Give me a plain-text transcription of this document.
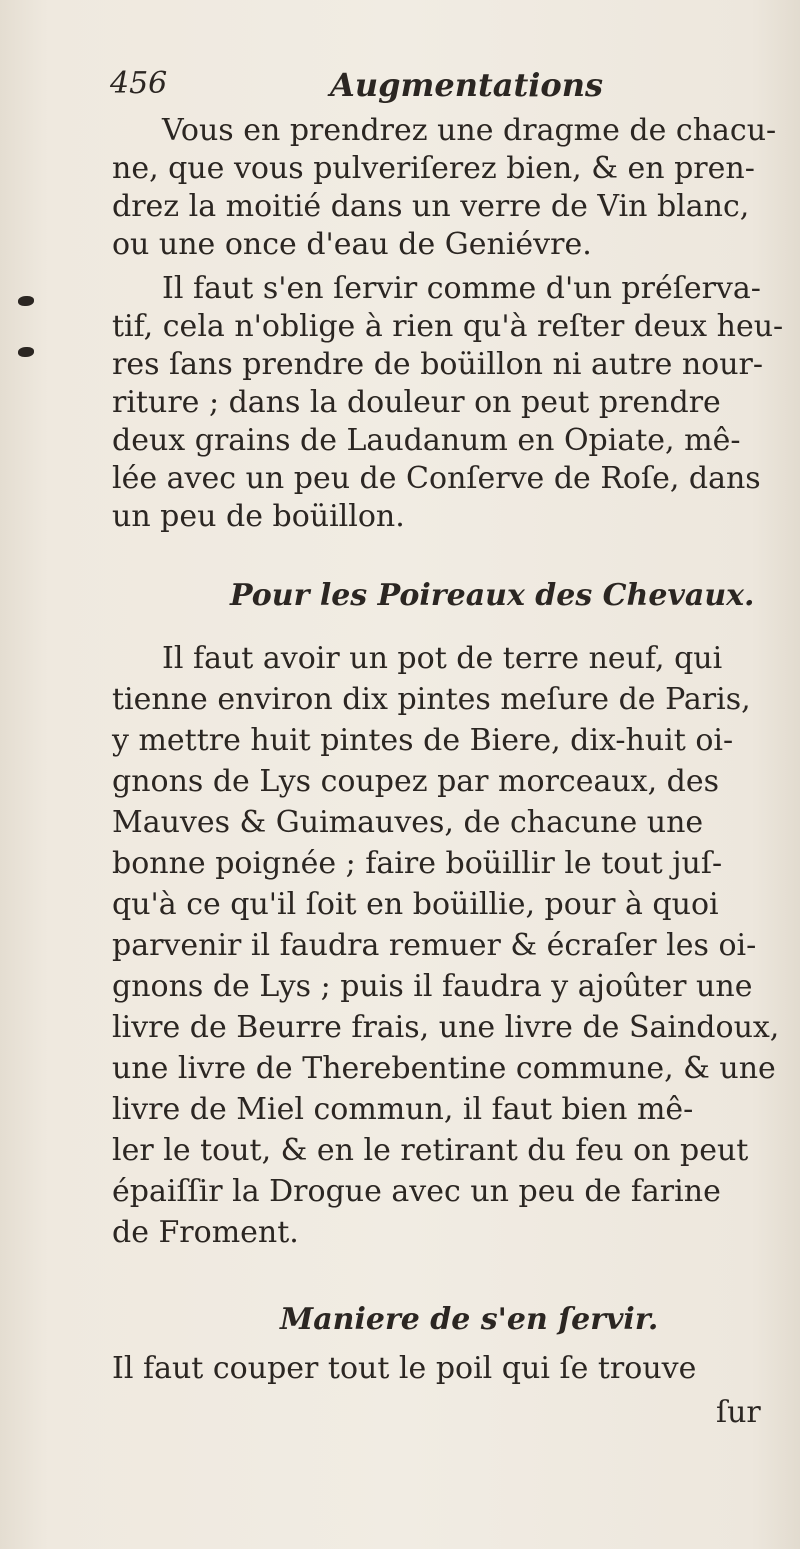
456	Augmentations
Vous en prendrez une dragme de chacu-
ne, que vous pulveriſerez bien, & en pren-
drez la moitié dans un verre de Vin blanc,
ou une once d'eau de Geniévre.
Il faut s'en ſervir comme d'un préſerva-
tif, cela n'oblige à rien qu'à reſter deux heu-
res ſans prendre de boüillon ni autre nour-
riture ; dans la douleur on peut prendre
deux grains de Laudanum en Opiate, mê-
lée avec un peu de Conſerve de Roſe, dans
un peu de boüillon.
Pour les Poireaux des Chevaux.
Il faut avoir un pot de terre neuf, qui
tienne environ dix pintes meſure de Paris,
y mettre huit pintes de Biere, dix-huit oi-
gnons de Lys coupez par morceaux, des
Mauves & Guimauves, de chacune une
bonne poignée ; faire boüillir le tout juſ-
qu'à ce qu'il ſoit en boüillie, pour à quoi
parvenir il faudra remuer & écraſer les oi-
gnons de Lys ; puis il faudra y ajoûter une
livre de Beurre frais, une livre de Saindoux,
une livre de Therebentine commune, & une
livre de Miel commun, il faut bien mê-
ler le tout, & en le retirant du feu on peut
épaiſſir la Drogue avec un peu de farine
de Froment.
Maniere de s'en ſervir.
Il faut couper tout le poil qui ſe trouve
ſur
